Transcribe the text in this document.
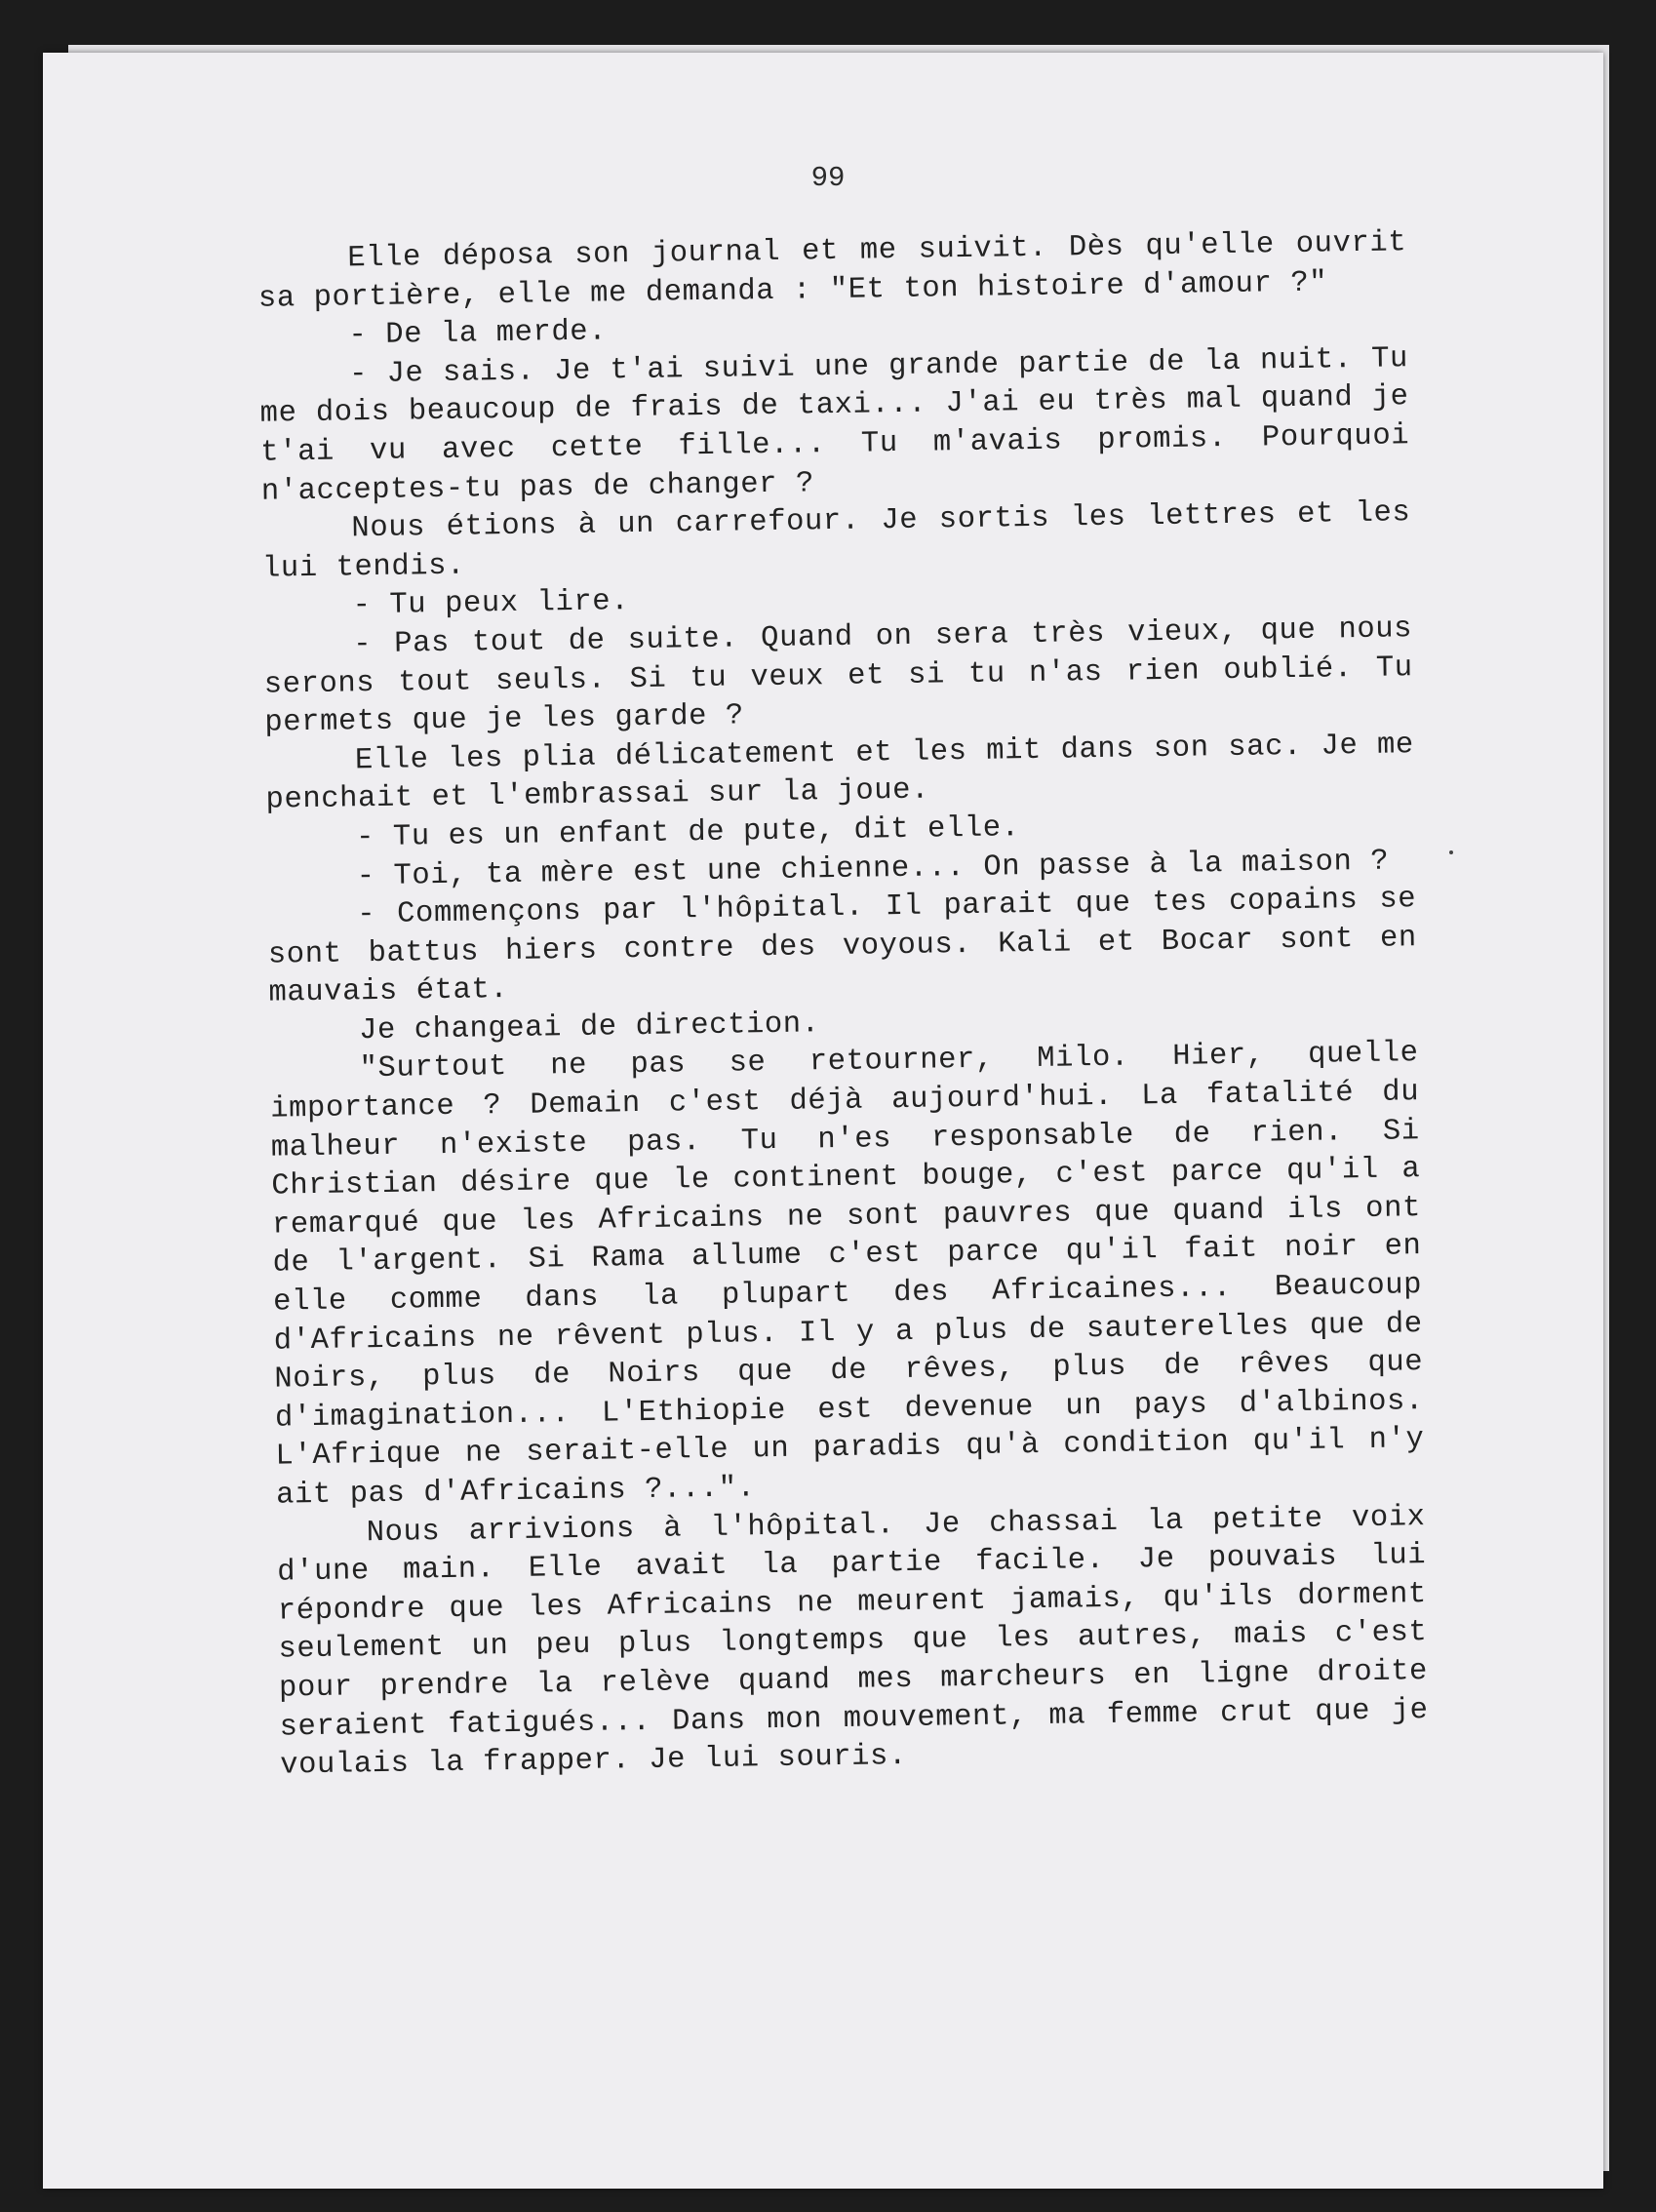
99

Elle déposa son journal et me suivit. Dès qu'elle ouvrit sa portière, elle me demanda : "Et ton histoire d'amour ?"

- De la merde.

- Je sais. Je t'ai suivi une grande partie de la nuit. Tu me dois beaucoup de frais de taxi... J'ai eu très mal quand je t'ai vu avec cette fille... Tu m'avais promis. Pourquoi n'acceptes-tu pas de changer ?

Nous étions à un carrefour. Je sortis les lettres et les lui tendis.

- Tu peux lire.

- Pas tout de suite. Quand on sera très vieux, que nous serons tout seuls. Si tu veux et si tu n'as rien oublié. Tu permets que je les garde ?

Elle les plia délicatement et les mit dans son sac. Je me penchait et l'embrassai sur la joue.

- Tu es un enfant de pute, dit elle.

- Toi, ta mère est une chienne... On passe à la maison ?

- Commençons par l'hôpital. Il parait que tes copains se sont battus hiers contre des voyous. Kali et Bocar sont en mauvais état.

Je changeai de direction.

"Surtout ne pas se retourner, Milo. Hier, quelle importance ? Demain c'est déjà aujourd'hui. La fatalité du malheur n'existe pas. Tu n'es responsable de rien. Si Christian désire que le continent bouge, c'est parce qu'il a remarqué que les Africains ne sont pauvres que quand ils ont de l'argent. Si Rama allume c'est parce qu'il fait noir en elle comme dans la plupart des Africaines... Beaucoup d'Africains ne rêvent plus. Il y a plus de sauterelles que de Noirs, plus de Noirs que de rêves, plus de rêves que d'imagination... L'Ethiopie est devenue un pays d'albinos. L'Afrique ne serait-elle un paradis qu'à condition qu'il n'y ait pas d'Africains ?...".

Nous arrivions à l'hôpital. Je chassai la petite voix d'une main. Elle avait la partie facile. Je pouvais lui répondre que les Africains ne meurent jamais, qu'ils dorment seulement un peu plus longtemps que les autres, mais c'est pour prendre la relève quand mes marcheurs en ligne droite seraient fatigués... Dans mon mouvement, ma femme crut que je voulais la frapper. Je lui souris.
